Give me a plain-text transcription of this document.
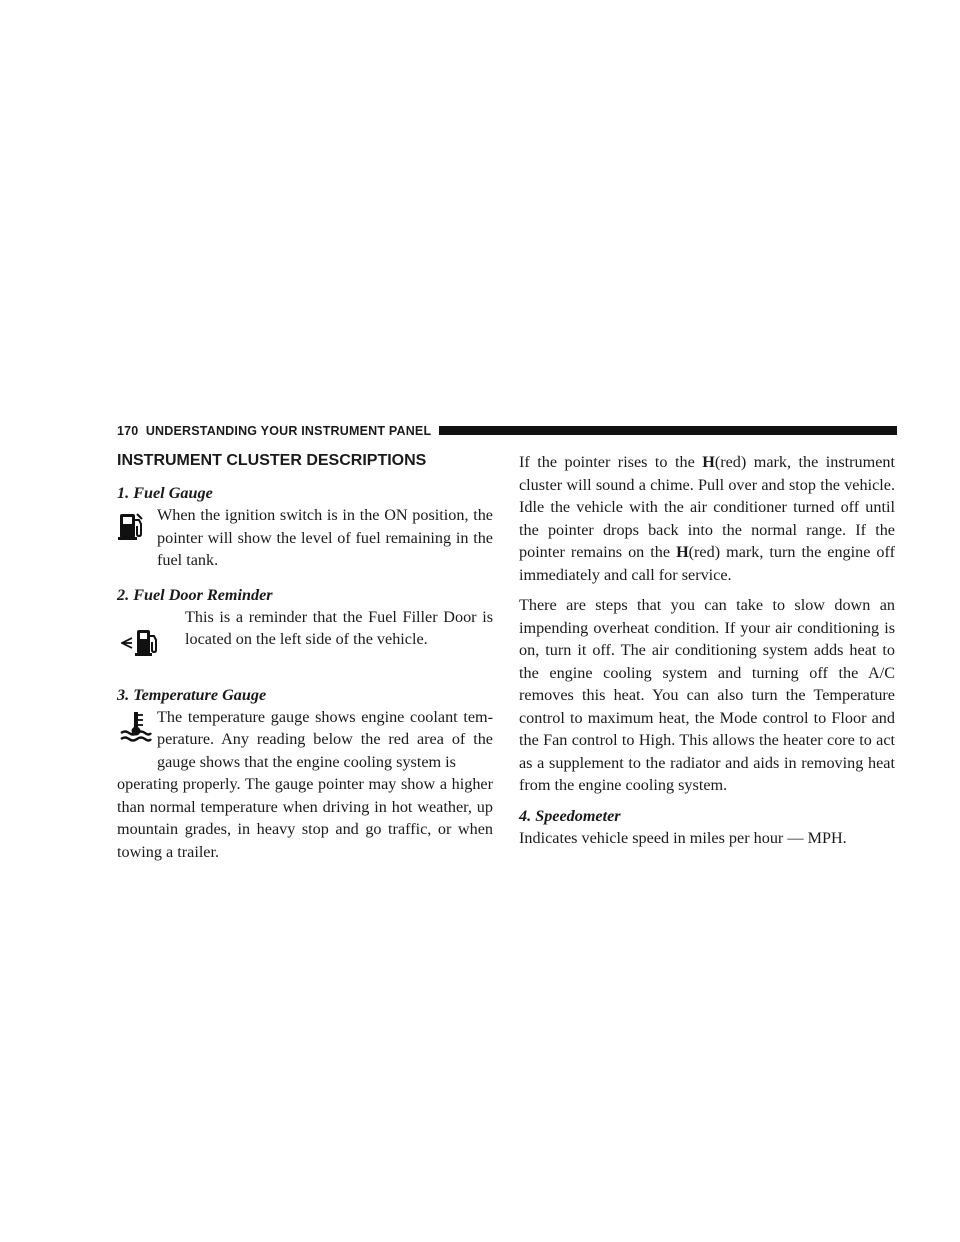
170 UNDERSTANDING YOUR INSTRUMENT PANEL
INSTRUMENT CLUSTER DESCRIPTIONS
1. Fuel Gauge

When the ignition switch is in the ON position, the pointer will show the level of fuel remaining in the fuel tank.

2. Fuel Door Reminder

This is a reminder that the Fuel Filler Door is located on the left side of the vehicle.

3. Temperature Gauge

The temperature gauge shows engine coolant tem-perature. Any reading below the red area of the gauge shows that the engine cooling system is

operating properly. The gauge pointer may show a higher than normal temperature when driving in hot weather, up mountain grades, in heavy stop and go traffic, or when towing a trailer.

If the pointer rises to the H(red) mark, the instrument cluster will sound a chime. Pull over and stop the vehicle. Idle the vehicle with the air conditioner turned off until the pointer drops back into the normal range. If the pointer remains on the H(red) mark, turn the engine off immediately and call for service.

There are steps that you can take to slow down an impending overheat condition. If your air conditioning is on, turn it off. The air conditioning system adds heat to the engine cooling system and turning off the A/C removes this heat. You can also turn the Temperature control to maximum heat, the Mode control to Floor and the Fan control to High. This allows the heater core to act as a supplement to the radiator and aids in removing heat from the engine cooling system.

4. Speedometer

Indicates vehicle speed in miles per hour — MPH.
